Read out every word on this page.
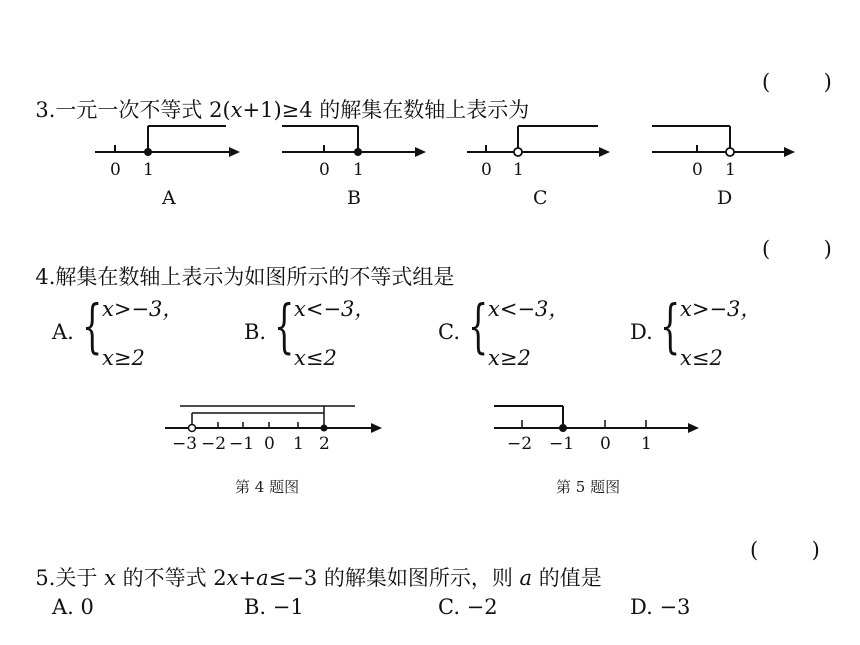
3.一元一次不等式 2(x+1)≥4 的解集在数轴上表示为

(        )
0 1	0 1	0 1	0 1
−3 −2 −1 0 1 2	−2 −1 0 1
A	B	C	D

4.解集在数轴上表示为如图所示的不等式组是

(        )
A. { x>−3，
x≥2
B. { x<−3，
x≤2
C. { x<−3，
x≥2
D. { x>−3，
x≤2
第 4 题图	第 5 题图

5.关于 x 的不等式 2x+a≤−3 的解集如图所示，则 a 的值是

(        )
A. 0	B. −1	C. −2	D. −3
